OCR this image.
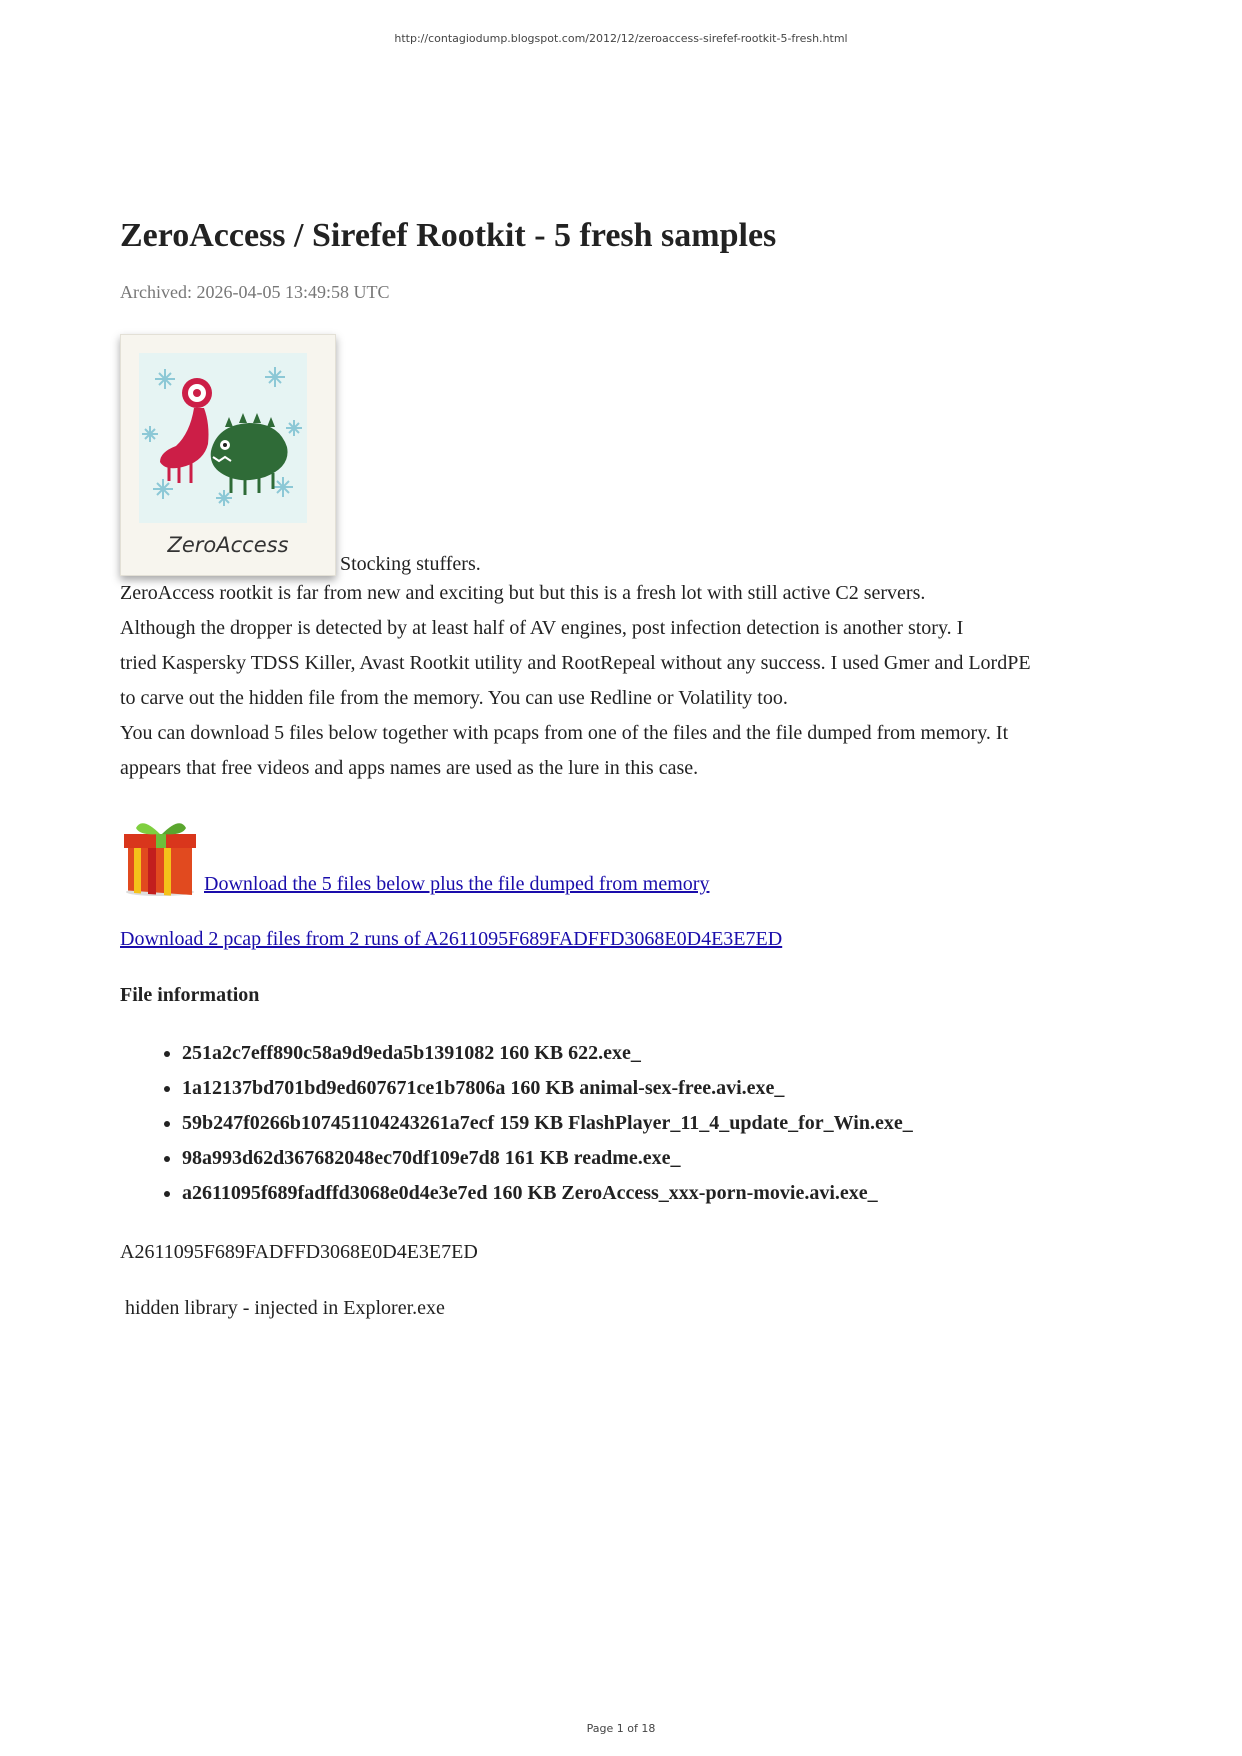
http://contagiodump.blogspot.com/2012/12/zeroaccess-sirefef-rootkit-5-fresh.html
ZeroAccess / Sirefef Rootkit - 5 fresh samples
Archived: 2026-04-05 13:49:58 UTC
ZeroAccess
Stocking stuffers.

ZeroAccess rootkit is far from new and exciting but but this is a fresh lot with still active C2 servers.

Although the dropper is detected by at least half of AV engines, post infection detection is another story. I

tried Kaspersky TDSS Killer, Avast Rootkit utility and RootRepeal without any success. I used Gmer and LordPE

to carve out the hidden file from the memory. You can use Redline or Volatility too.

You can download 5 files below together with pcaps from one of the files and the file dumped from memory. It

appears that free videos and apps names are used as the lure in this case.

Download the 5 files below plus the file dumped from memory
Download 2 pcap files from 2 runs of A2611095F689FADFFD3068E0D4E3E7ED
File information
• 251a2c7eff890c58a9d9eda5b1391082 160 KB 622.exe_
• 1a12137bd701bd9ed607671ce1b7806a 160 KB animal-sex-free.avi.exe_
• 59b247f0266b107451104243261a7ecf 159 KB FlashPlayer_11_4_update_for_Win.exe_
• 98a993d62d367682048ec70df109e7d8 161 KB readme.exe_
• a2611095f689fadffd3068e0d4e3e7ed 160 KB ZeroAccess_xxx-porn-movie.avi.exe_
A2611095F689FADFFD3068E0D4E3E7ED
hidden library - injected in Explorer.exe
Page 1 of 18
